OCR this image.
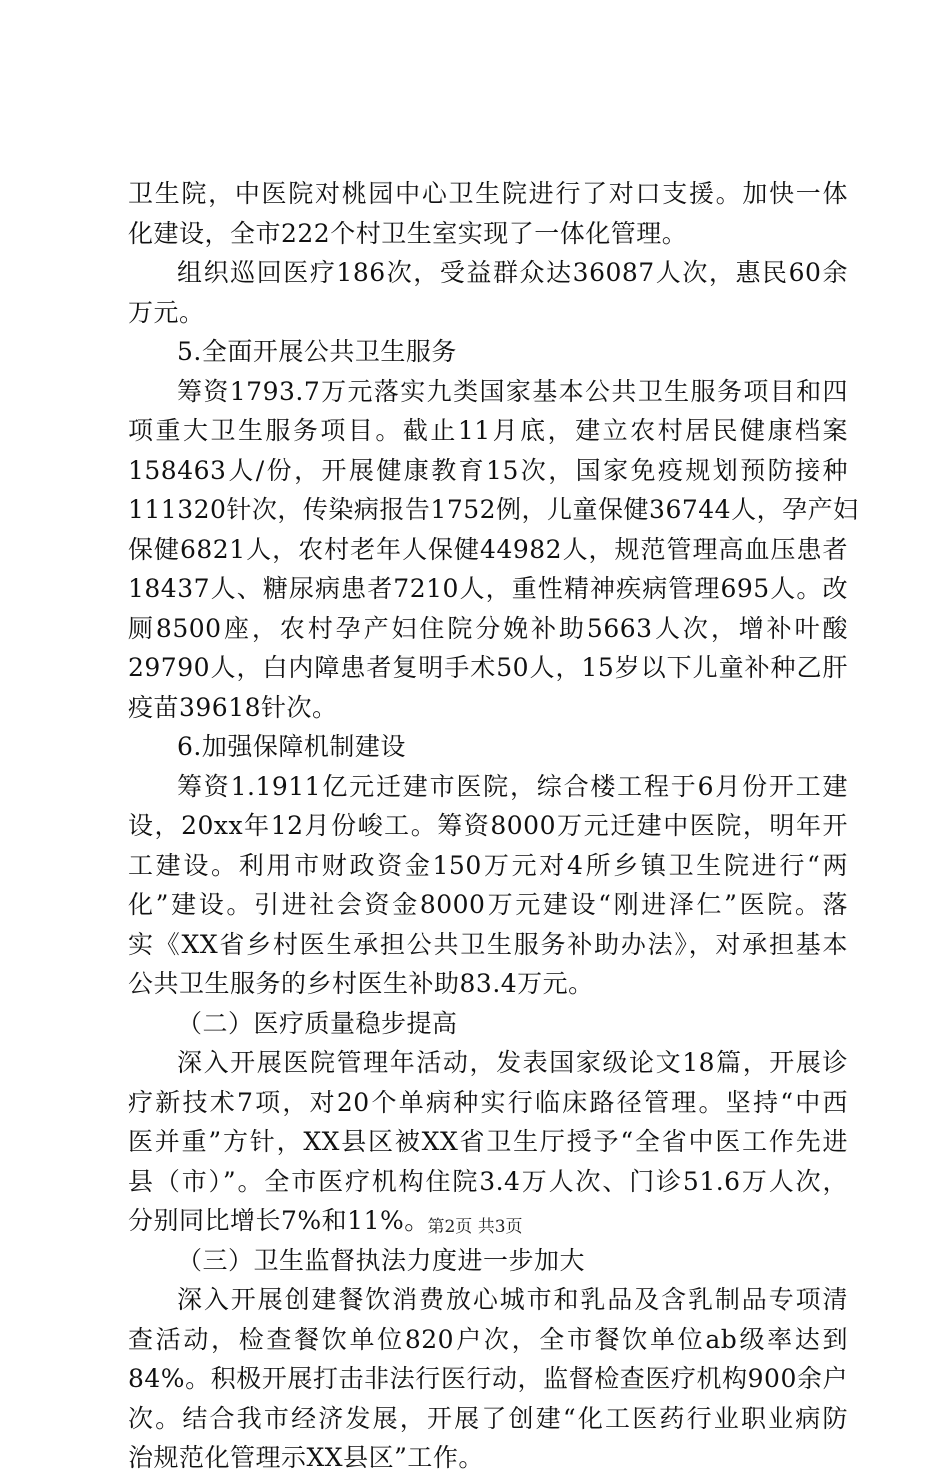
卫生院，中医院对桃园中心卫生院进行了对口支援。加快一体
化建设，全市222个村卫生室实现了一体化管理。
组织巡回医疗186次，受益群众达36087人次，惠民60余
万元。
5.全面开展公共卫生服务
筹资1793.7万元落实九类国家基本公共卫生服务项目和四
项重大卫生服务项目。截止11月底，建立农村居民健康档案
158463人/份，开展健康教育15次，国家免疫规划预防接种
111320针次，传染病报告1752例，儿童保健36744人，孕产妇
保健6821人，农村老年人保健44982人，规范管理高血压患者
18437人、糖尿病患者7210人，重性精神疾病管理695人。改
厕8500座，农村孕产妇住院分娩补助5663人次，增补叶酸
29790人，白内障患者复明手术50人，15岁以下儿童补种乙肝
疫苗39618针次。
6.加强保障机制建设
筹资1.1911亿元迁建市医院，综合楼工程于6月份开工建
设，20xx年12月份峻工。筹资8000万元迁建中医院，明年开
工建设。利用市财政资金150万元对4所乡镇卫生院进行“两
化”建设。引进社会资金8000万元建设“刚进泽仁”医院。落
实《XX省乡村医生承担公共卫生服务补助办法》，对承担基本
公共卫生服务的乡村医生补助83.4万元。
（二）医疗质量稳步提高
深入开展医院管理年活动，发表国家级论文18篇，开展诊
疗新技术7项，对20个单病种实行临床路径管理。坚持“中西
医并重”方针，XX县区被XX省卫生厅授予“全省中医工作先进
县（市）”。全市医疗机构住院3.4万人次、门诊51.6万人次，
分别同比增长7%和11%。
（三）卫生监督执法力度进一步加大
深入开展创建餐饮消费放心城市和乳品及含乳制品专项清
查活动，检查餐饮单位820户次，全市餐饮单位ab级率达到
84%。积极开展打击非法行医行动，监督检查医疗机构900余户
次。结合我市经济发展，开展了创建“化工医药行业职业病防
治规范化管理示XX县区”工作。
第2页 共3页
